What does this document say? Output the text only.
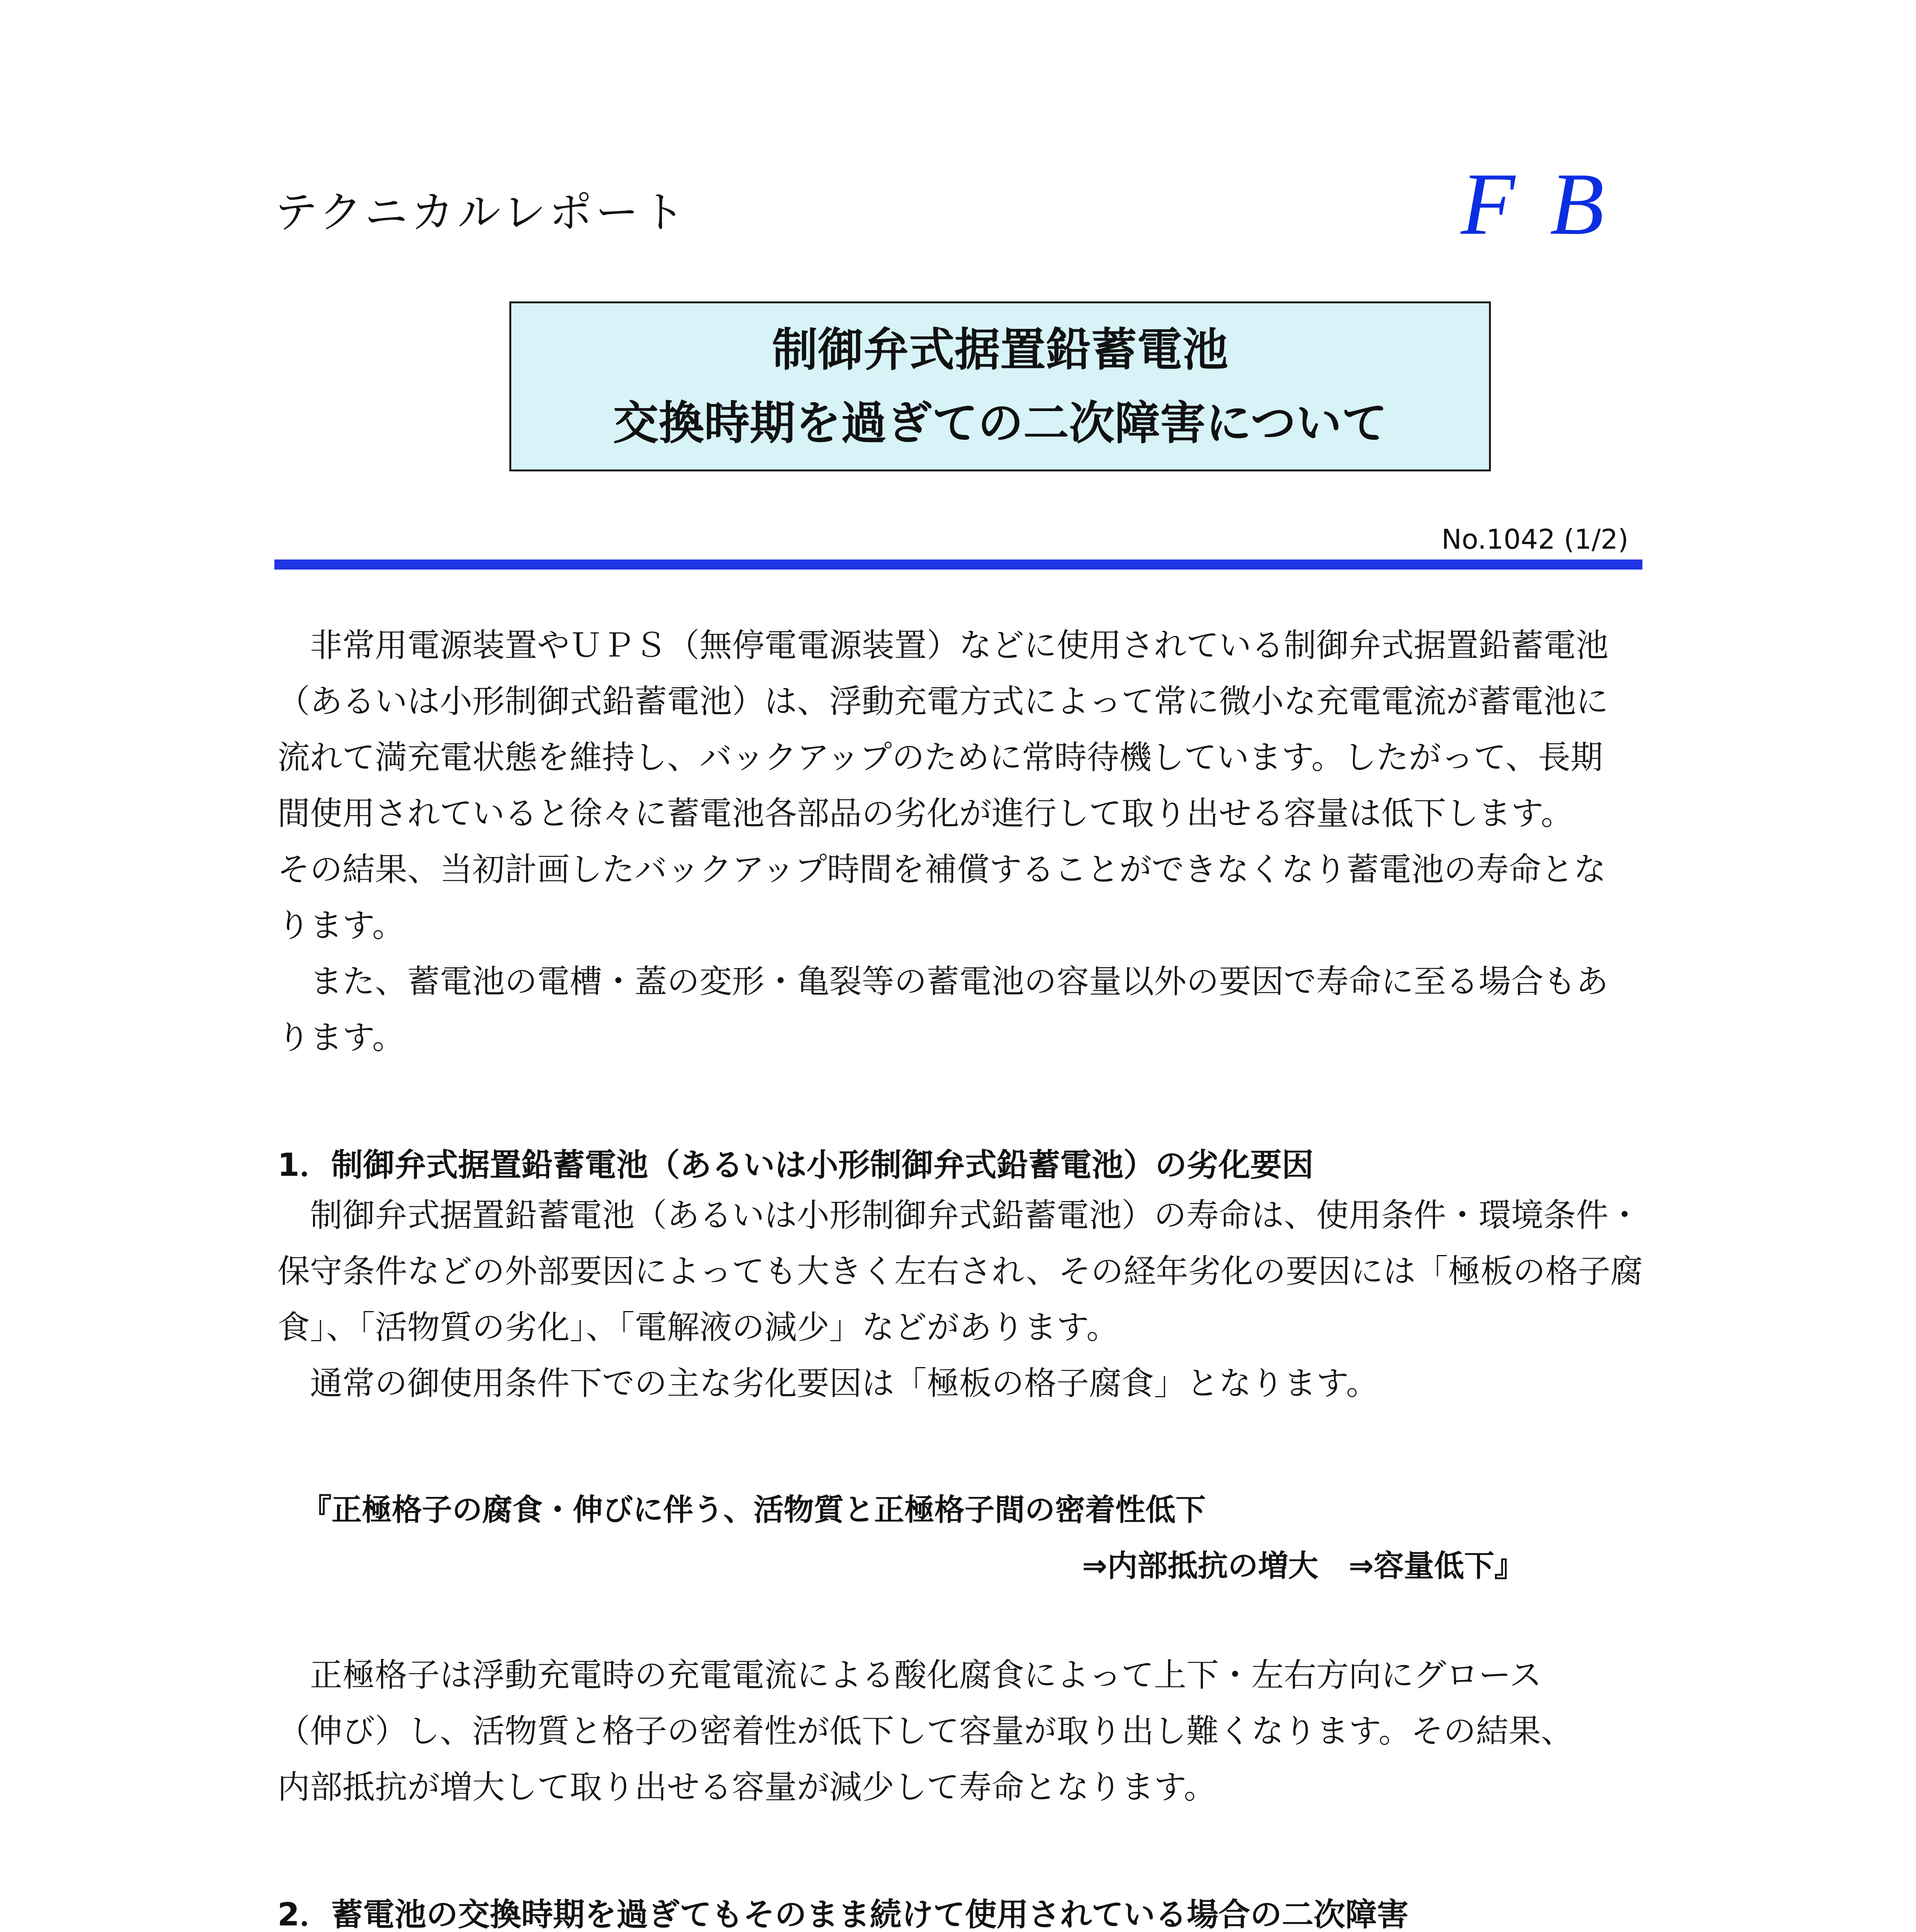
テクニカルレポート	FB
制御弁式据置鉛蓄電池
交換時期を過ぎての二次障害について
No.1042 (1/2)
　非常用電源装置やＵＰＳ（無停電電源装置）などに使用されている制御弁式据置鉛蓄電池
（あるいは小形制御式鉛蓄電池）は、浮動充電方式によって常に微小な充電電流が蓄電池に
流れて満充電状態を維持し、バックアップのために常時待機しています。したがって、長期
間使用されていると徐々に蓄電池各部品の劣化が進行して取り出せる容量は低下します。
その結果、当初計画したバックアップ時間を補償することができなくなり蓄電池の寿命とな
ります。
　また、蓄電池の電槽・蓋の変形・亀裂等の蓄電池の容量以外の要因で寿命に至る場合もあ
ります。
1．制御弁式据置鉛蓄電池（あるいは小形制御弁式鉛蓄電池）の劣化要因
　制御弁式据置鉛蓄電池（あるいは小形制御弁式鉛蓄電池）の寿命は、使用条件・環境条件・
保守条件などの外部要因によっても大きく左右され、その経年劣化の要因には「極板の格子腐
食」、「活物質の劣化」、「電解液の減少」などがあります。
　通常の御使用条件下での主な劣化要因は「極板の格子腐食」となります。
『正極格子の腐食・伸びに伴う、活物質と正極格子間の密着性低下
⇒内部抵抗の増大　⇒容量低下』
　正極格子は浮動充電時の充電電流による酸化腐食によって上下・左右方向にグロース
（伸び）し、活物質と格子の密着性が低下して容量が取り出し難くなります。その結果、
内部抵抗が増大して取り出せる容量が減少して寿命となります。
2．蓄電池の交換時期を過ぎてもそのまま続けて使用されている場合の二次障害
